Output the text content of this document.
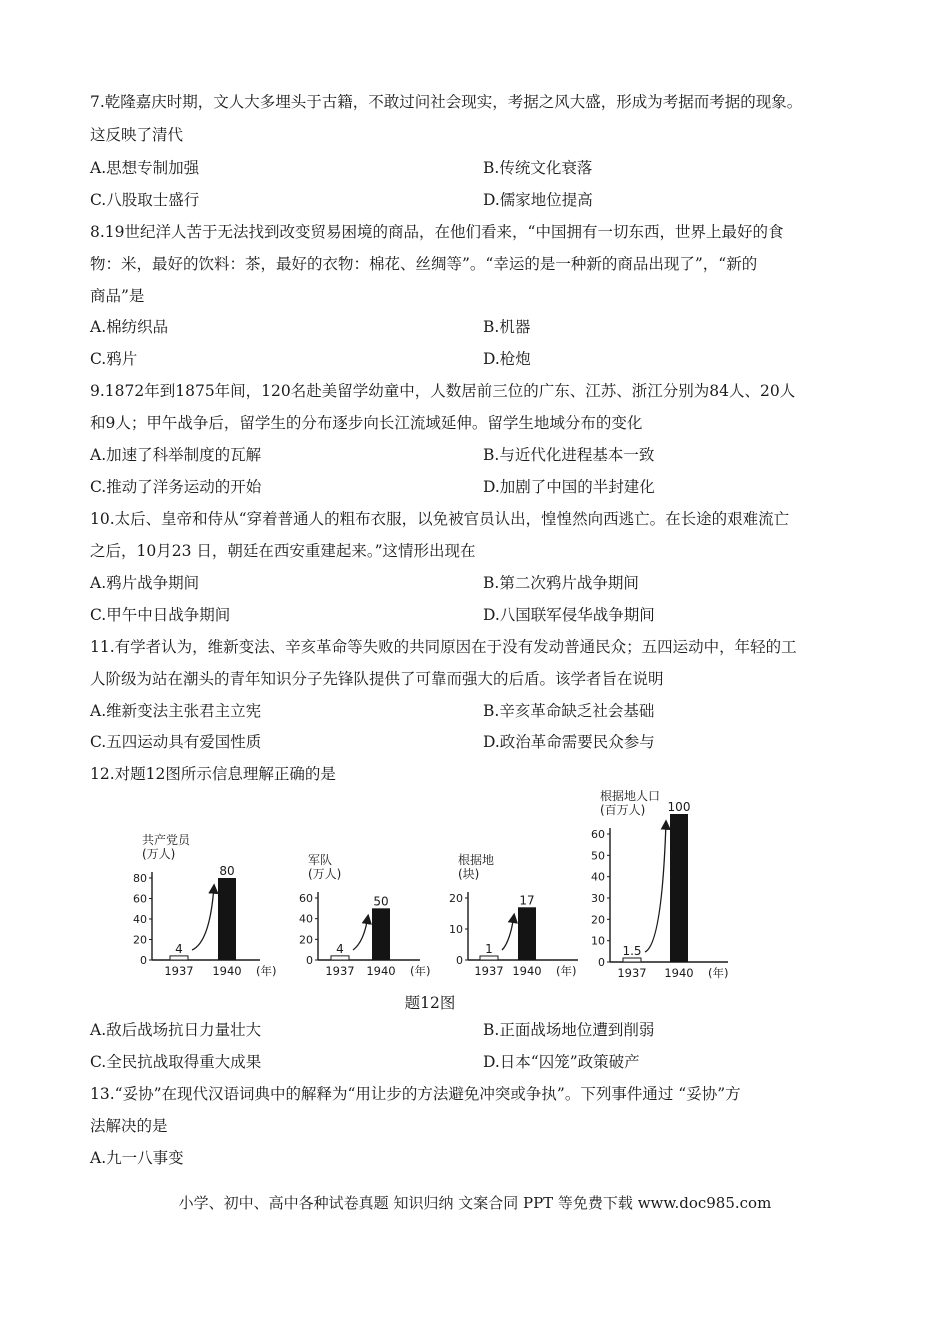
7.乾隆嘉庆时期，文人大多埋头于古籍，不敢过问社会现实，考据之风大盛，形成为考据而考据的现象。
这反映了清代
A.思想专制加强	B.传统文化衰落
C.八股取士盛行	D.儒家地位提高
8.19世纪洋人苦于无法找到改变贸易困境的商品，在他们看来，“中国拥有一切东西，世界上最好的食
物：米，最好的饮料：茶，最好的衣物：棉花、丝绸等”。“幸运的是一种新的商品出现了”，“新的
商品”是
A.棉纺织品	B.机器
C.鸦片	D.枪炮
9.1872年到1875年间，120名赴美留学幼童中，人数居前三位的广东、江苏、浙江分别为84人、20人
和9人；甲午战争后，留学生的分布逐步向长江流域延伸。留学生地域分布的变化
A.加速了科举制度的瓦解	B.与近代化进程基本一致
C.推动了洋务运动的开始	D.加剧了中国的半封建化
10.太后、皇帝和侍从“穿着普通人的粗布衣服，以免被官员认出，惶惶然向西逃亡。在长途的艰难流亡
之后，10月23 日，朝廷在西安重建起来。”这情形出现在
A.鸦片战争期间	B.第二次鸦片战争期间
C.甲午中日战争期间	D.八国联军侵华战争期间
11.有学者认为，维新变法、辛亥革命等失败的共同原因在于没有发动普通民众；五四运动中，年轻的工
人阶级为站在潮头的青年知识分子先锋队提供了可靠而强大的后盾。该学者旨在说明
A.维新变法主张君主立宪	B.辛亥革命缺乏社会基础
C.五四运动具有爱国性质	D.政治革命需要民众参与
12.对题12图所示信息理解正确的是
共产党员
(万人)
0
20
40
60
80
4
80
1937 1940 (年)
军队
(万人)
0
20
40
60
4
50
1937 1940 (年)
根据地
(块)
0
10
20
1
17
1937 1940 (年)
根据地人口
(百万人)
0
10
20
30
40
50
60
1.5
100
1937 1940 (年)
题12图
A.敌后战场抗日力量壮大	B.正面战场地位遭到削弱
C.全民抗战取得重大成果	D.日本“囚笼”政策破产
13.“妥协”在现代汉语词典中的解释为“用让步的方法避免冲突或争执”。下列事件通过 “妥协”方
法解决的是
A.九一八事变
小学、初中、高中各种试卷真题 知识归纳 文案合同 PPT 等免费下载 www.doc985.com
